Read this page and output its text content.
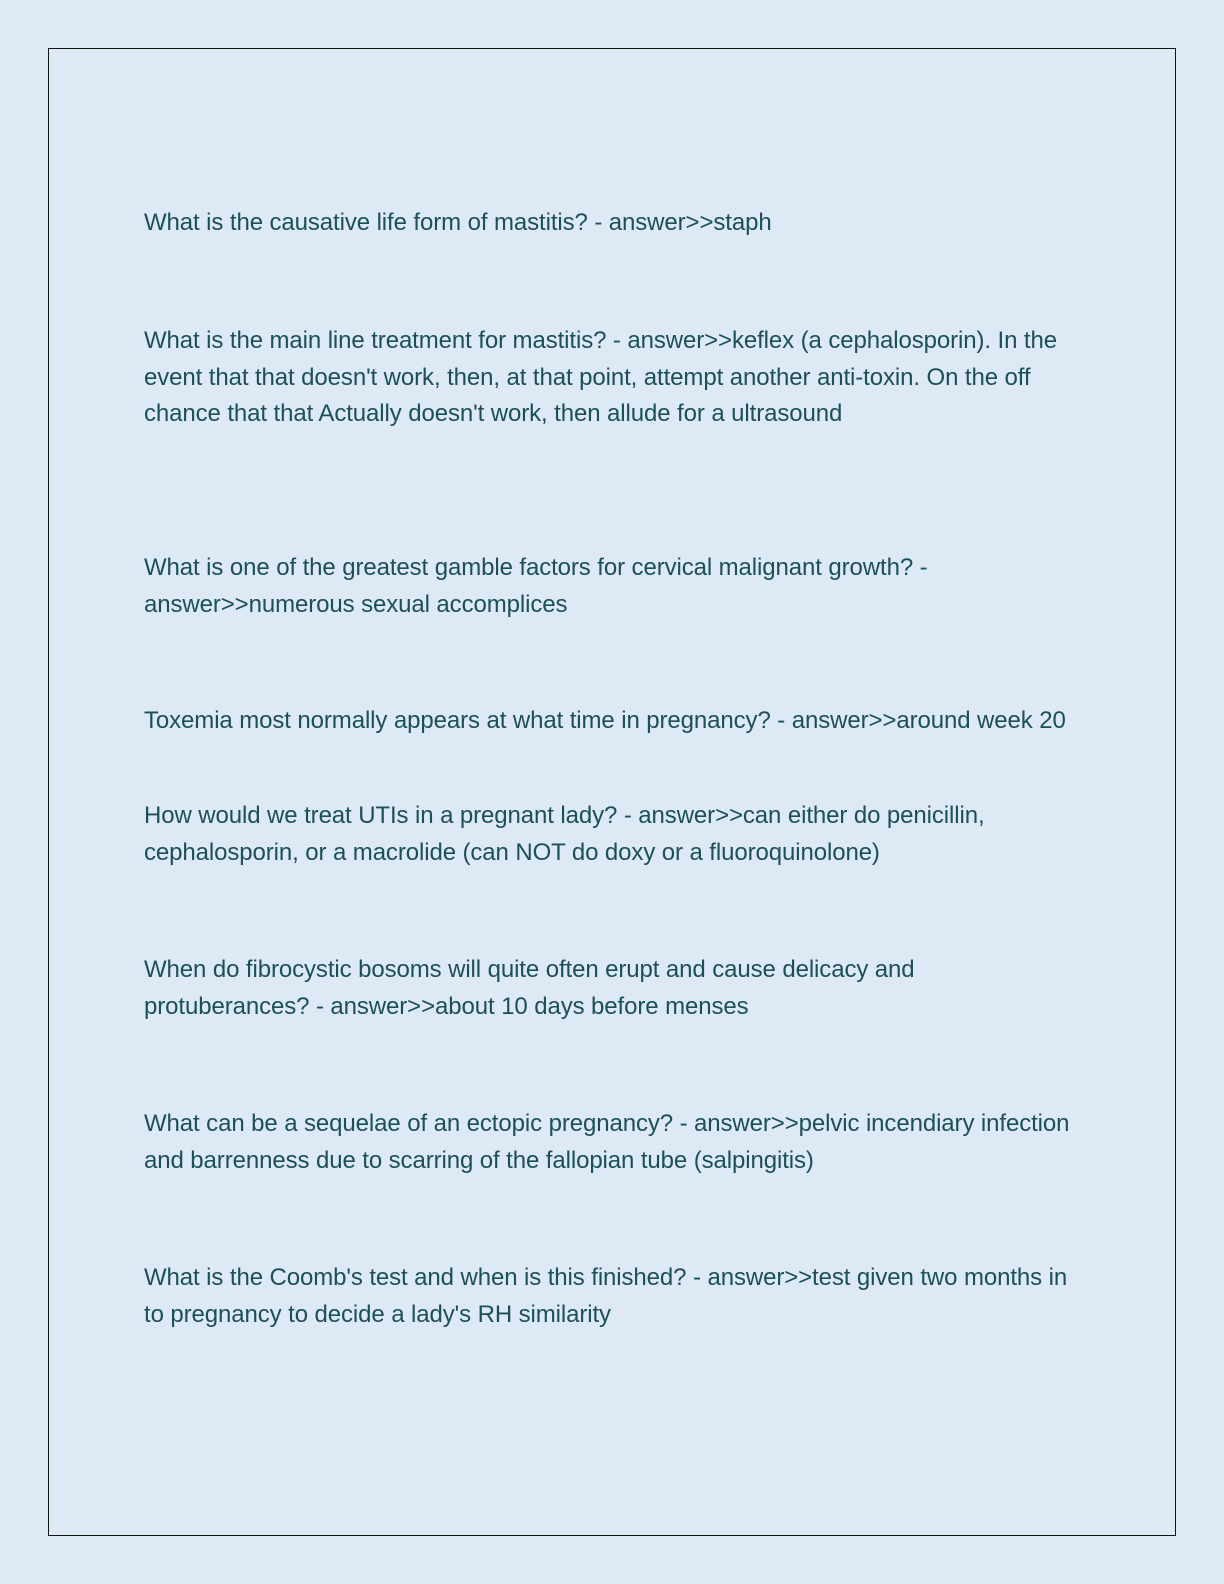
What is the causative life form of mastitis? - answer>>staph

What is the main line treatment for mastitis? - answer>>keflex (a cephalosporin). In the event that that doesn't work, then, at that point, attempt another anti-toxin. On the off chance that that Actually doesn't work, then allude for a ultrasound

What is one of the greatest gamble factors for cervical malignant growth? - answer>>numerous sexual accomplices

Toxemia most normally appears at what time in pregnancy? - answer>>around week 20

How would we treat UTIs in a pregnant lady? - answer>>can either do penicillin, cephalosporin, or a macrolide (can NOT do doxy or a fluoroquinolone)

When do fibrocystic bosoms will quite often erupt and cause delicacy and protuberances? - answer>>about 10 days before menses

What can be a sequelae of an ectopic pregnancy? - answer>>pelvic incendiary infection and barrenness due to scarring of the fallopian tube (salpingitis)

What is the Coomb's test and when is this finished? - answer>>test given two months in to pregnancy to decide a lady's RH similarity
